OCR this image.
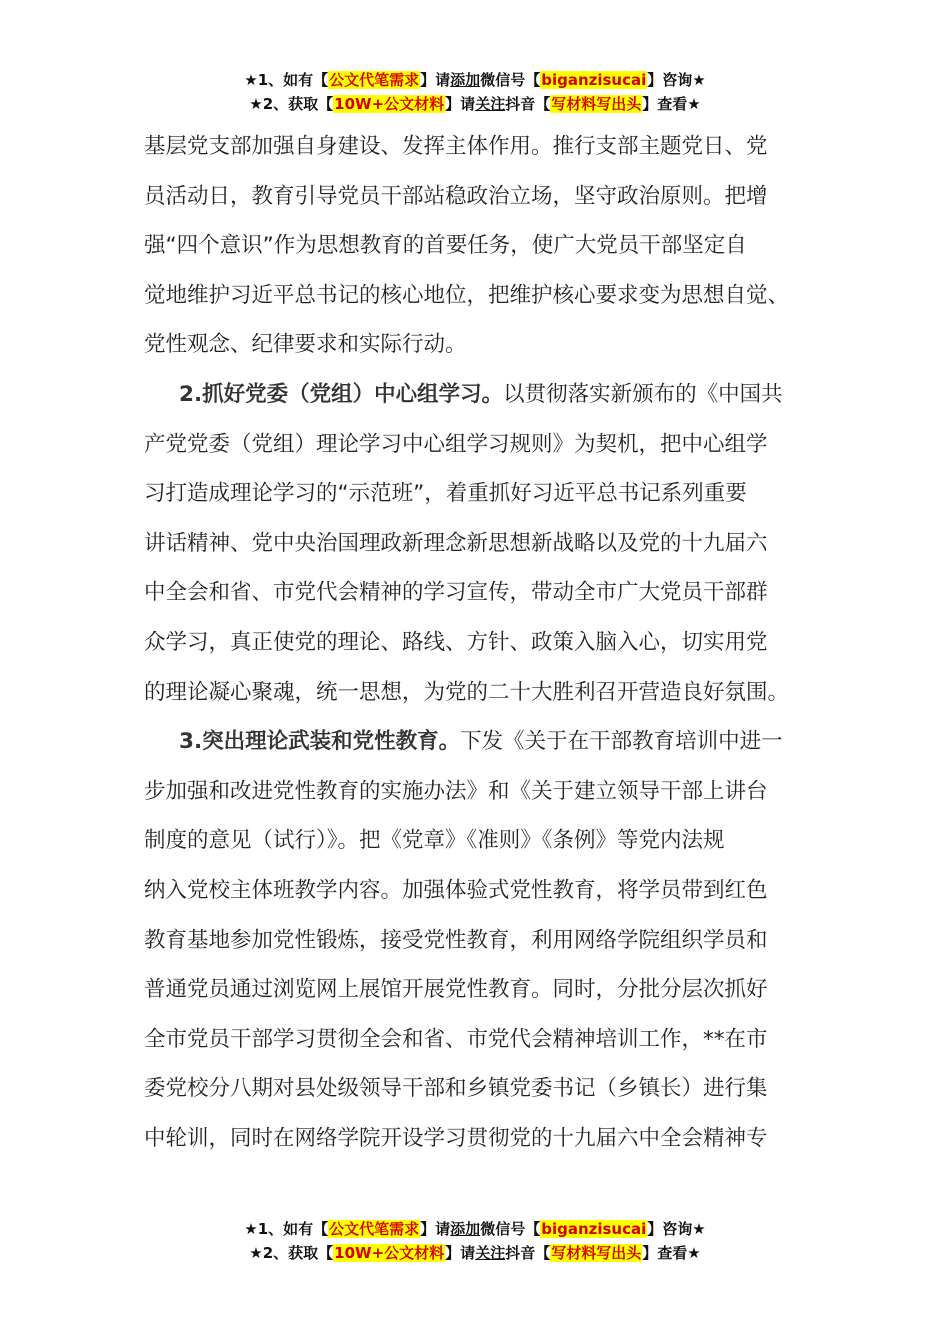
★1、如有【公文代笔需求】请添加微信号【biganzisucai】咨询★
★2、获取【10W+公文材料】请关注抖音【写材料写出头】查看★
基层党支部加强自身建设、发挥主体作用。推行支部主题党日、党
员活动日，教育引导党员干部站稳政治立场，坚守政治原则。把增
强“四个意识”作为思想教育的首要任务，使广大党员干部坚定自
觉地维护习近平总书记的核心地位，把维护核心要求变为思想自觉、
党性观念、纪律要求和实际行动。
2.抓好党委（党组）中心组学习。以贯彻落实新颁布的《中国共
产党党委（党组）理论学习中心组学习规则》为契机，把中心组学
习打造成理论学习的“示范班”，着重抓好习近平总书记系列重要
讲话精神、党中央治国理政新理念新思想新战略以及党的十九届六
中全会和省、市党代会精神的学习宣传，带动全市广大党员干部群
众学习，真正使党的理论、路线、方针、政策入脑入心，切实用党
的理论凝心聚魂，统一思想，为党的二十大胜利召开营造良好氛围。
3.突出理论武装和党性教育。下发《关于在干部教育培训中进一
步加强和改进党性教育的实施办法》和《关于建立领导干部上讲台
制度的意见（试行）》。把《党章》《准则》《条例》等党内法规
纳入党校主体班教学内容。加强体验式党性教育，将学员带到红色
教育基地参加党性锻炼，接受党性教育，利用网络学院组织学员和
普通党员通过浏览网上展馆开展党性教育。同时，分批分层次抓好
全市党员干部学习贯彻全会和省、市党代会精神培训工作，**在市
委党校分八期对县处级领导干部和乡镇党委书记（乡镇长）进行集
中轮训，同时在网络学院开设学习贯彻党的十九届六中全会精神专
★1、如有【公文代笔需求】请添加微信号【biganzisucai】咨询★
★2、获取【10W+公文材料】请关注抖音【写材料写出头】查看★
